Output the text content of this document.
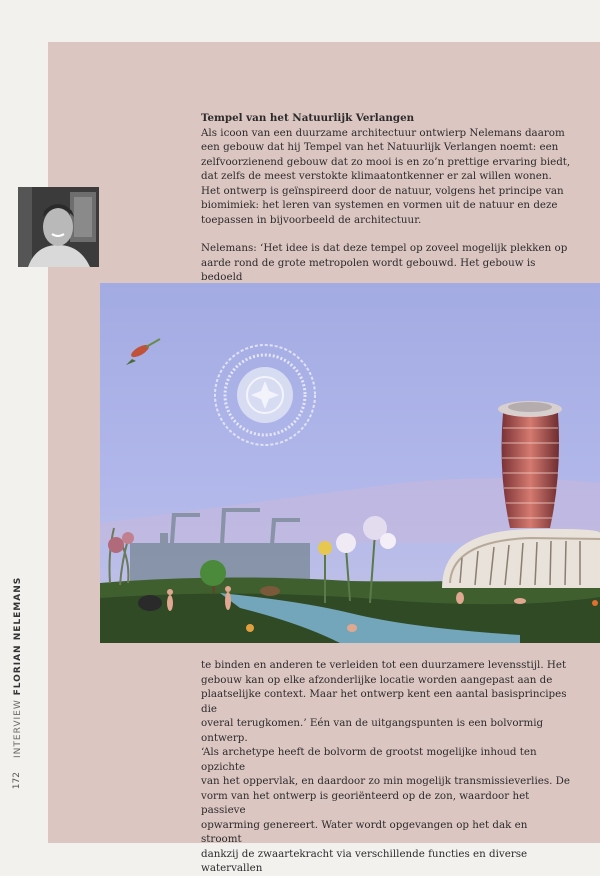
INTERVIEW FLORIAN NELEMANS
172

Tempel van het Natuurlijk Verlangen

Als icoon van een duurzame architectuur ontwierp Nelemans daarom

een gebouw dat hij Tempel van het Natuurlijk Verlangen noemt: een

zelfvoorzienend gebouw dat zo mooi is en zo’n prettige ervaring biedt,

dat zelfs de meest verstokte klimaatontkenner er zal willen wonen.

Het ontwerp is geïnspireerd door de natuur, volgens het principe van

biomimiek: het leren van systemen en vormen uit de natuur en deze

toepassen in bijvoorbeeld de architectuur.

Nelemans: ‘Het idee is dat deze tempel op zoveel mogelijk plekken op

aarde rond de grote metropolen wordt gebouwd. Het gebouw is bedoeld

te binden en anderen te verleiden tot een duurzamere levensstijl. Het

gebouw kan op elke afzonderlijke locatie worden aangepast aan de

plaatselijke context. Maar het ontwerp kent een aantal basisprincipes die

overal terugkomen.’ Eén van de uitgangspunten is een bolvormig ontwerp.

‘Als archetype heeft de bolvorm de grootst mogelijke inhoud ten opzichte

van het oppervlak, en daardoor zo min mogelijk transmissieverlies. De

vorm van het ontwerp is georiënteerd op de zon, waardoor het passieve

opwarming genereert. Water wordt opgevangen op het dak en stroomt

dankzij de zwaartekracht via verschillende functies en diverse watervallen
